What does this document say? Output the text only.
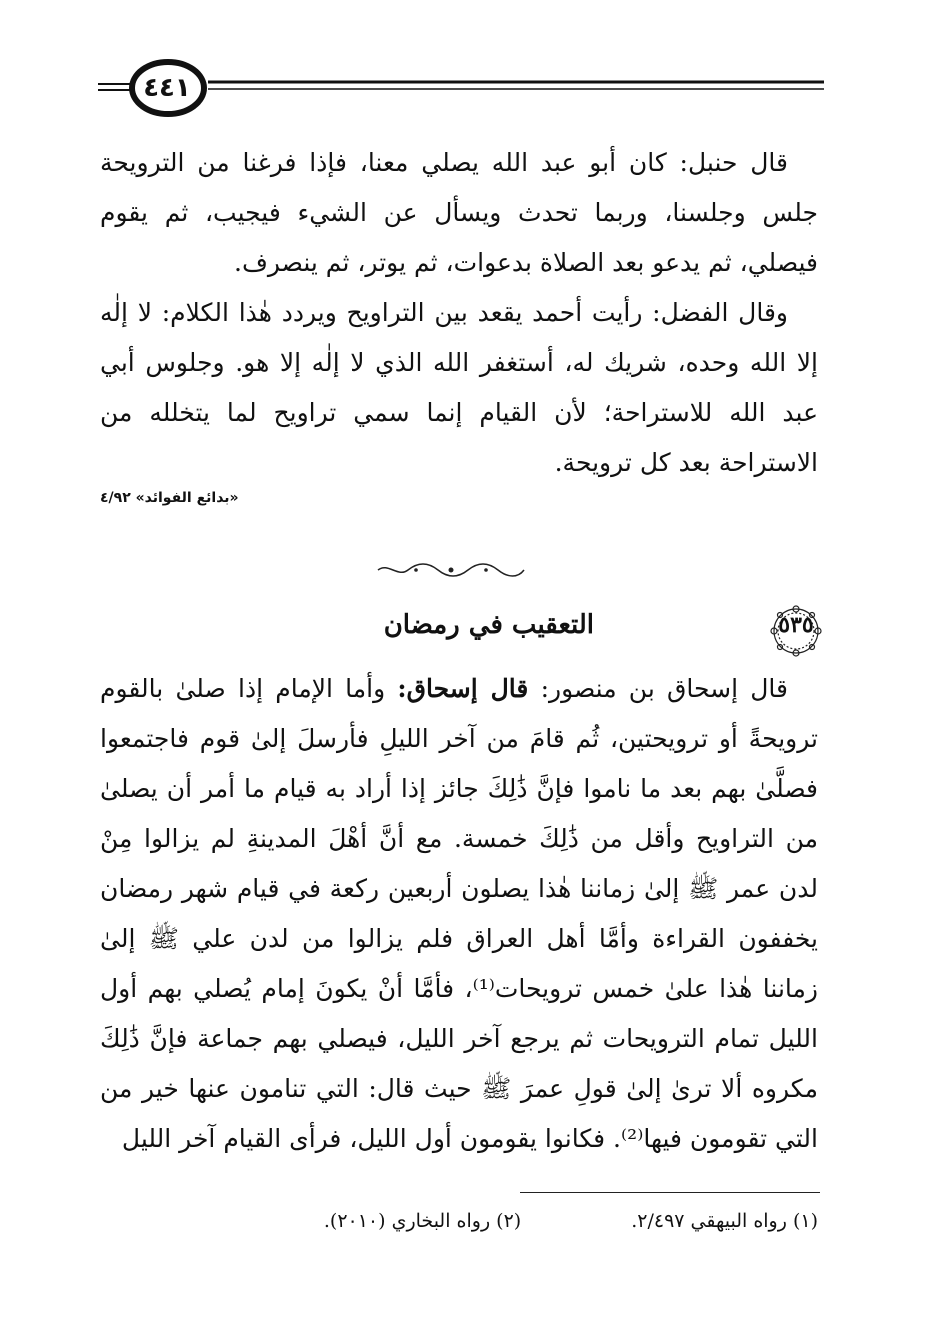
٤٤١

قال حنبل: كان أبو عبد الله يصلي معنا، فإذا فرغنا من الترويحة جلس وجلسنا، وربما تحدث ويسأل عن الشيء فيجيب، ثم يقوم فيصلي، ثم يدعو بعد الصلاة بدعوات، ثم يوتر، ثم ينصرف.

وقال الفضل: رأيت أحمد يقعد بين التراويح ويردد هٰذا الكلام: لا إلٰه إلا الله وحده، شريك له، أستغفر الله الذي لا إلٰه إلا هو. وجلوس أبي عبد الله للاستراحة؛ لأن القيام إنما سمي تراويح لما يتخلله من الاستراحة بعد كل ترويحة.

«بدائع الفوائد» ٤/٩٢
٥٣٥
التعقيب في رمضان

قال إسحاق بن منصور: قال إسحاق: وأما الإمام إذا صلىٰ بالقوم ترويحةً أو ترويحتين، ثُم قامَ من آخر الليلِ فأرسلَ إلىٰ قوم فاجتمعوا فصلَّىٰ بهم بعد ما ناموا فإنَّ ذَٰلِكَ جائز إذا أراد به قيام ما أمر أن يصلىٰ من التراويح وأقل من ذَٰلِكَ خمسة. مع أنَّ أهْلَ المدينةِ لم يزالوا مِنْ لدن عمر ﷺ إلىٰ زماننا هٰذا يصلون أربعين ركعة في قيام شهر رمضان يخففون القراءة وأمَّا أهل العراق فلم يزالوا من لدن علي ﷺ إلىٰ زماننا هٰذا علىٰ خمس ترويحات⁽¹⁾، فأمَّا أنْ يكونَ إمام يُصلي بهم أول الليل تمام الترويحات ثم يرجع آخر الليل، فيصلي بهم جماعة فإنَّ ذَٰلِكَ مكروه ألا ترىٰ إلىٰ قولِ عمرَ ﷺ حيث قال: التي تنامون عنها خير من التي تقومون فيها⁽²⁾. فكانوا يقومون أول الليل، فرأى القيام آخر الليل

(١) رواه البيهقي ٢/٤٩٧.
(٢) رواه البخاري (٢٠١٠).
